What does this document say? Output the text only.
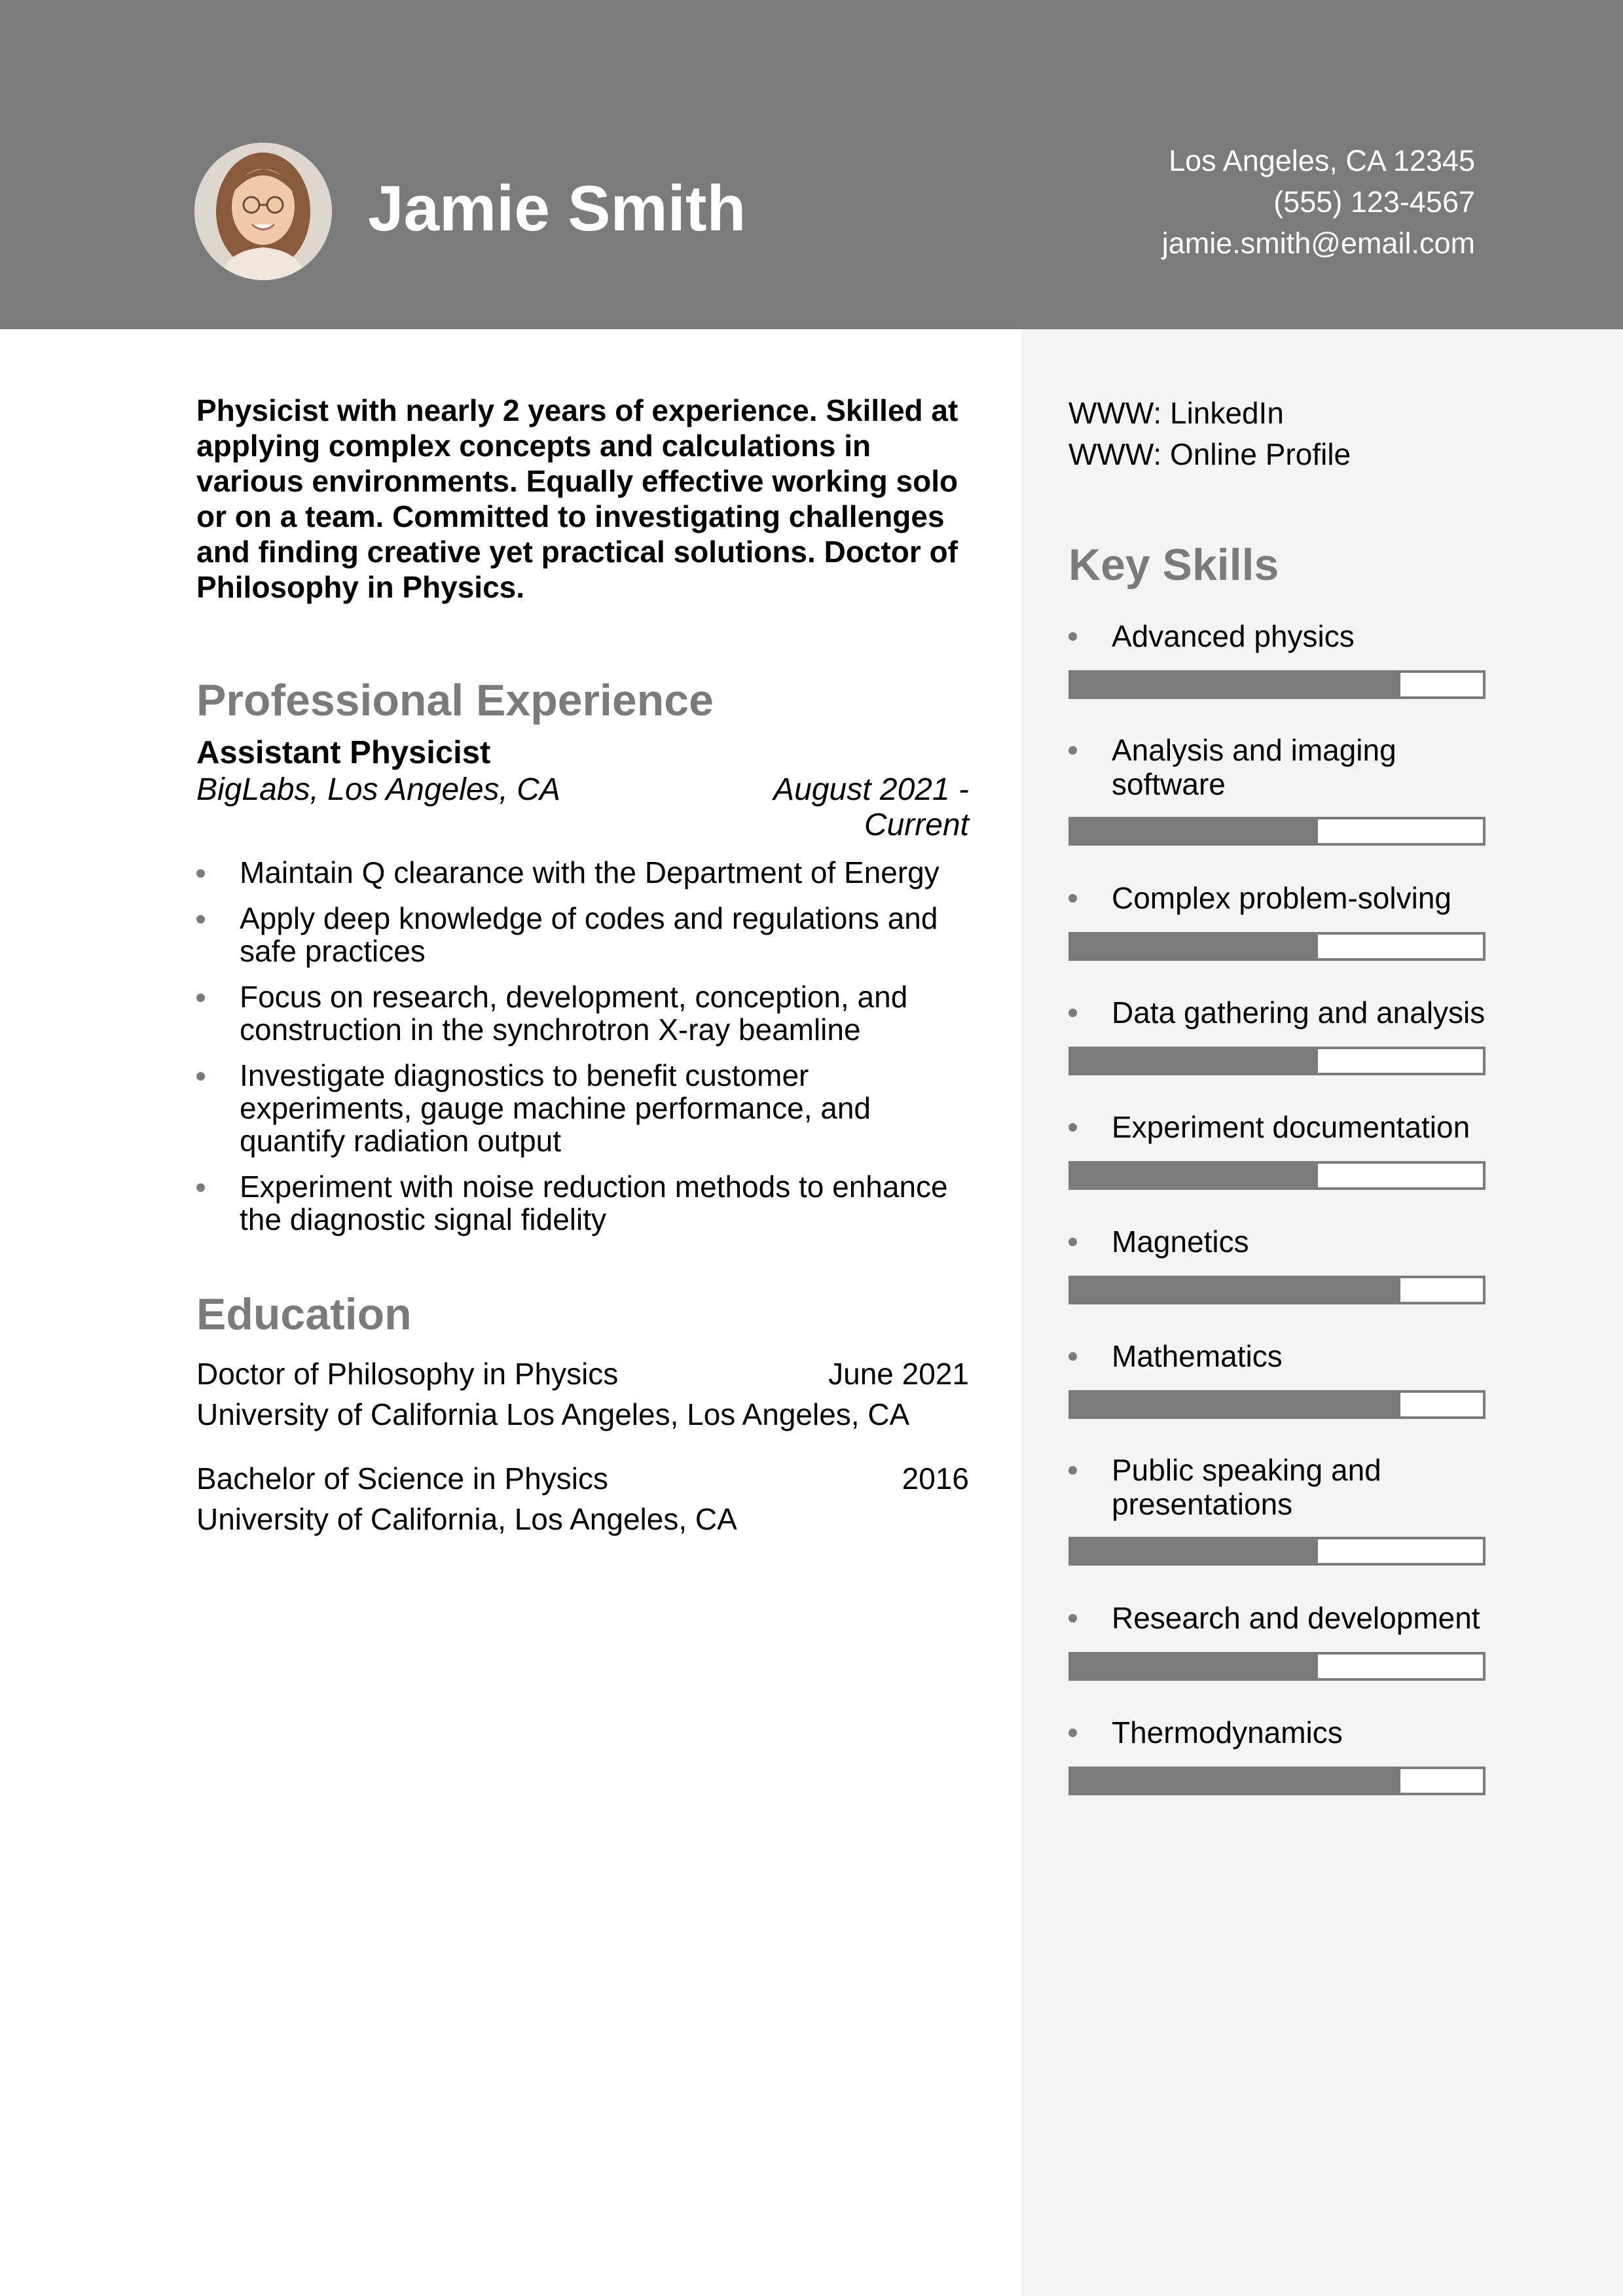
Jamie Smith
Los Angeles, CA 12345
(555) 123-4567
jamie.smith@email.com

Physicist with nearly 2 years of experience. Skilled at applying complex concepts and calculations in various environments. Equally effective working solo or on a team. Committed to investigating challenges and finding creative yet practical solutions. Doctor of Philosophy in Physics.

Professional Experience
Assistant Physicist
BigLabs, Los Angeles, CA	August 2021 - Current
Maintain Q clearance with the Department of Energy
Apply deep knowledge of codes and regulations and safe practices
Focus on research, development, conception, and construction in the synchrotron X-ray beamline
Investigate diagnostics to benefit customer experiments, gauge machine performance, and quantify radiation output
Experiment with noise reduction methods to enhance the diagnostic signal fidelity
Education
Doctor of Philosophy in Physics	June 2021
University of California Los Angeles, Los Angeles, CA
Bachelor of Science in Physics	2016
University of California, Los Angeles, CA
WWW: LinkedIn
WWW: Online Profile
Key Skills
Advanced physics
Analysis and imaging software
Complex problem-solving
Data gathering and analysis
Experiment documentation
Magnetics
Mathematics
Public speaking and presentations
Research and development
Thermodynamics
